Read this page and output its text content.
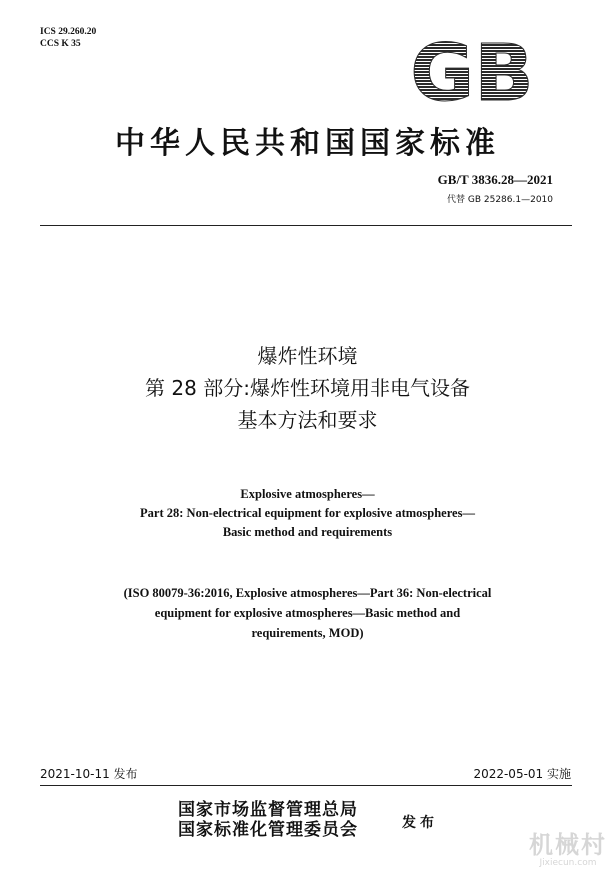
ICS 29.260.20
CCS K 35	GB
中华人民共和国国家标准
GB/T 3836.28—2021
代替 GB 25286.1—2010
爆炸性环境
第 28 部分:爆炸性环境用非电气设备
基本方法和要求
Explosive atmospheres—
Part 28: Non-electrical equipment for explosive atmospheres—
Basic method and requirements
(ISO 80079-36:2016, Explosive atmospheres—Part 36: Non-electrical
equipment for explosive atmospheres—Basic method and
requirements, MOD)
2021-10-11 发布	2022-05-01 实施
国家市场监督管理总局
国家标准化管理委员会	发布
机械村
Jixiecun.com
